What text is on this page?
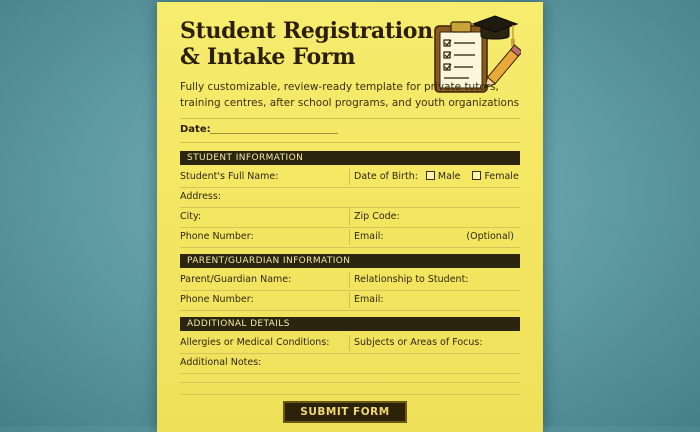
Student Registration
& Intake Form
Fully customizable, review-ready template for private tutors, training centres, after school programs, and youth organizations
Date:
STUDENT INFORMATION
Student's Full Name:	Date of Birth: Male	Female
Address:
City:	Zip Code:
Phone Number:	Email:	(Optional)
PARENT/GUARDIAN INFORMATION
Parent/Guardian Name:	Relationship to Student:
Phone Number:	Email:
ADDITIONAL DETAILS
Allergies or Medical Conditions:	Subjects or Areas of Focus:
Additional Notes:
SUBMIT FORM
